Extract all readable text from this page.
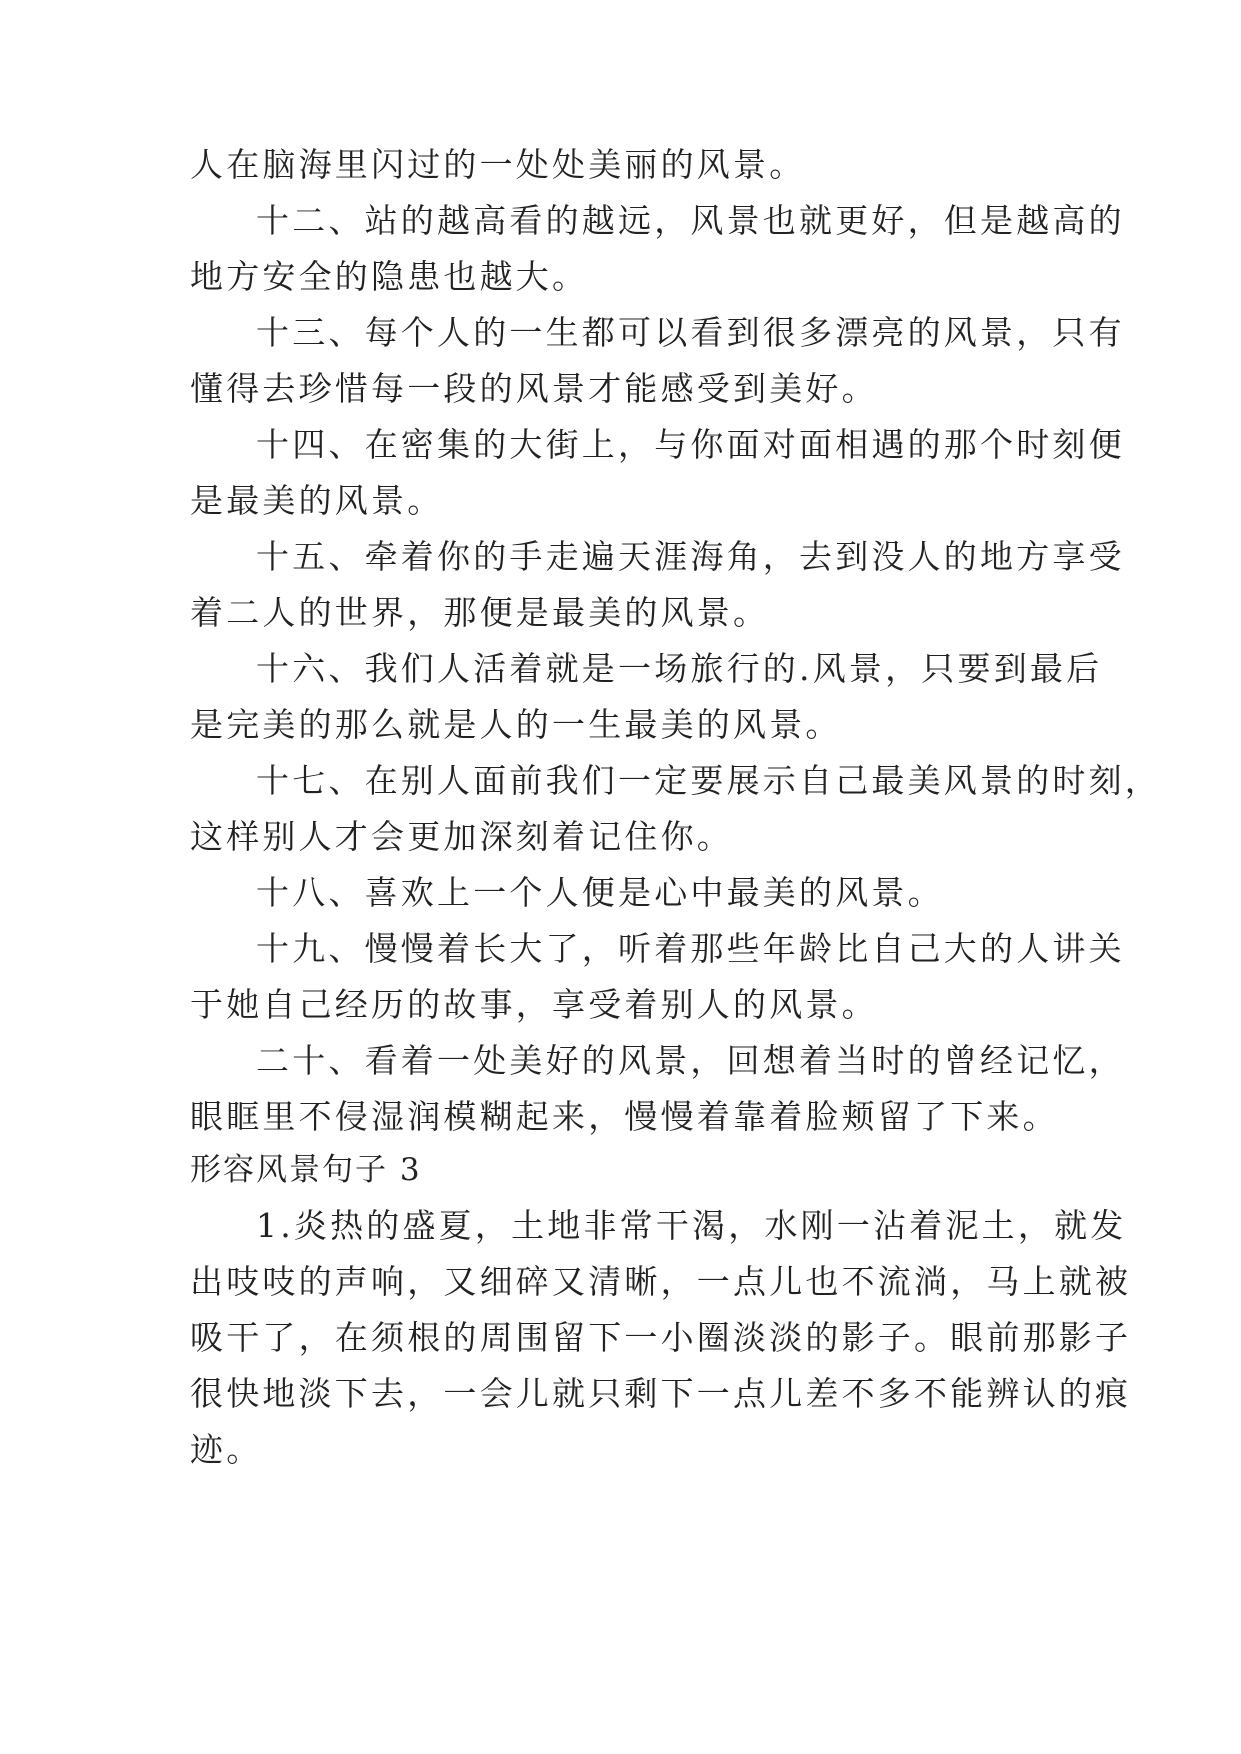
人在脑海里闪过的一处处美丽的风景。
十二、站的越高看的越远，风景也就更好，但是越高的
地方安全的隐患也越大。
十三、每个人的一生都可以看到很多漂亮的风景，只有
懂得去珍惜每一段的风景才能感受到美好。
十四、在密集的大街上，与你面对面相遇的那个时刻便
是最美的风景。
十五、牵着你的手走遍天涯海角，去到没人的地方享受
着二人的世界，那便是最美的风景。
十六、我们人活着就是一场旅行的.风景，只要到最后
是完美的那么就是人的一生最美的风景。
十七、在别人面前我们一定要展示自己最美风景的时刻，
这样别人才会更加深刻着记住你。
十八、喜欢上一个人便是心中最美的风景。
十九、慢慢着长大了，听着那些年龄比自己大的人讲关
于她自己经历的故事，享受着别人的风景。
二十、看着一处美好的风景，回想着当时的曾经记忆，
眼眶里不侵湿润模糊起来，慢慢着靠着脸颊留了下来。
形容风景句子 3
1.炎热的盛夏，土地非常干渴，水刚一沾着泥土，就发
出吱吱的声响，又细碎又清晰，一点儿也不流淌，马上就被
吸干了，在须根的周围留下一小圈淡淡的影子。眼前那影子
很快地淡下去，一会儿就只剩下一点儿差不多不能辨认的痕
迹。
